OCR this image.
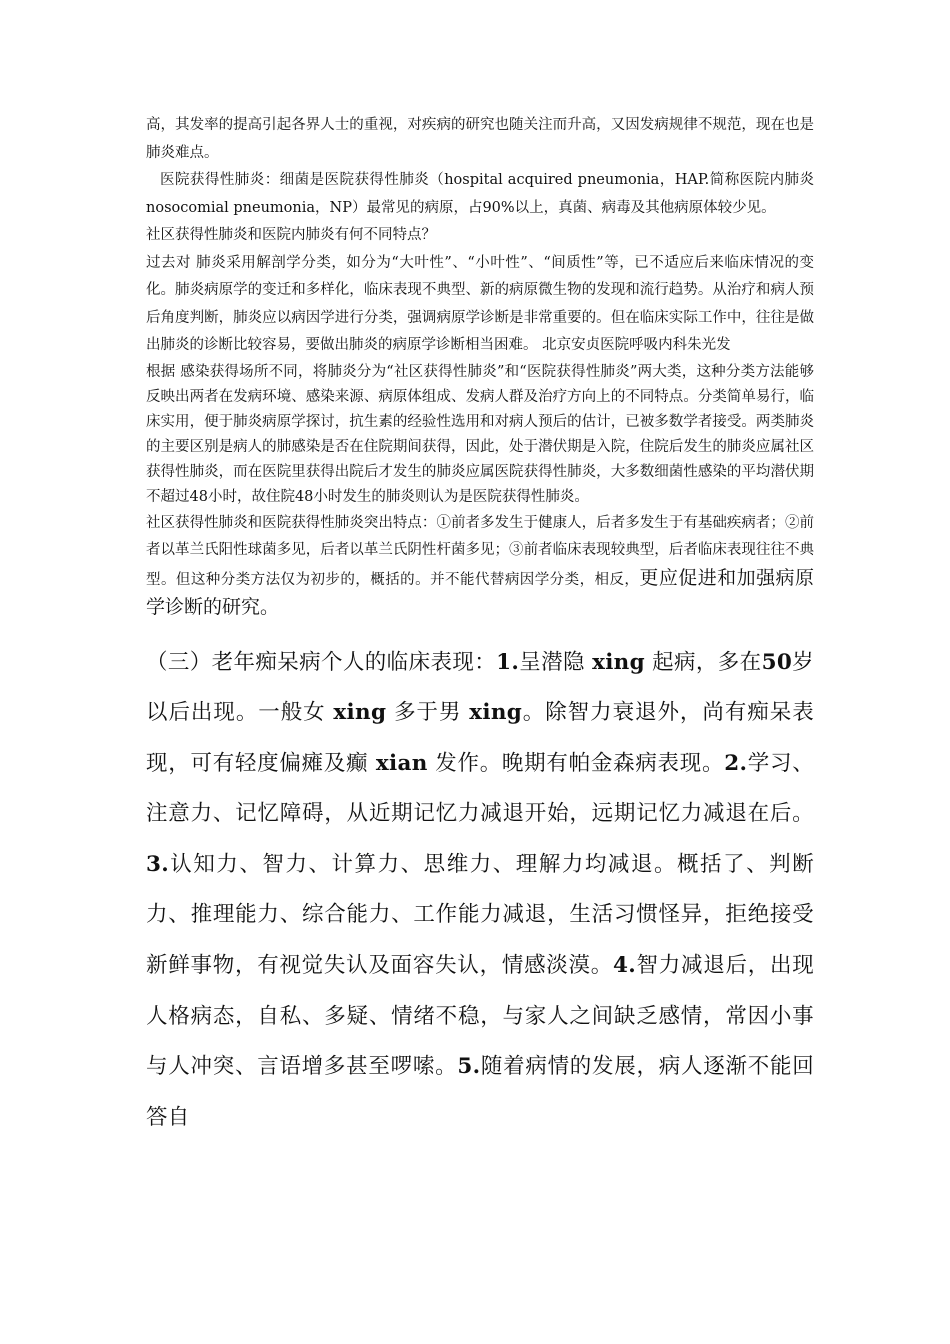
高，其发率的提高引起各界人士的重视，对疾病的研究也随关注而升高，又因发病规律不规范，现在也是肺炎难点。

医院获得性肺炎：细菌是医院获得性肺炎（hospital acquired pneumonia，HAP.简称医院内肺炎 nosocomial pneumonia，NP）最常见的病原，占90%以上，真菌、病毒及其他病原体较少见。

社区获得性肺炎和医院内肺炎有何不同特点？

过去对 肺炎采用解剖学分类，如分为“大叶性”、“小叶性”、“间质性”等，已不适应后来临床情况的变化。肺炎病原学的变迁和多样化，临床表现不典型、新的病原微生物的发现和流行趋势。从治疗和病人预后角度判断，肺炎应以病因学进行分类，强调病原学诊断是非常重要的。但在临床实际工作中，往往是做出肺炎的诊断比较容易，要做出肺炎的病原学诊断相当困难。 北京安贞医院呼吸内科朱光发

根据 感染获得场所不同，将肺炎分为“社区获得性肺炎”和“医院获得性肺炎”两大类，这种分类方法能够反映出两者在发病环境、感染来源、病原体组成、发病人群及治疗方向上的不同特点。分类简单易行，临床实用，便于肺炎病原学探讨，抗生素的经验性选用和对病人预后的估计，已被多数学者接受。两类肺炎的主要区别是病人的肺感染是否在住院期间获得，因此，处于潜伏期是入院，住院后发生的肺炎应属社区获得性肺炎，而在医院里获得出院后才发生的肺炎应属医院获得性肺炎，大多数细菌性感染的平均潜伏期不超过48小时，故住院48小时发生的肺炎则认为是医院获得性肺炎。

社区获得性肺炎和医院获得性肺炎突出特点：①前者多发生于健康人，后者多发生于有基础疾病者；②前者以革兰氏阳性球菌多见，后者以革兰氏阴性杆菌多见；③前者临床表现较典型，后者临床表现往往不典型。但这种分类方法仅为初步的，概括的。并不能代替病因学分类，相反，更应促进和加强病原学诊断的研究。

（三）老年痴呆病个人的临床表现：1.呈潜隐 xing 起病，多在50岁以后出现。一般女 xing 多于男 xing。除智力衰退外，尚有痴呆表现，可有轻度偏瘫及癫 xian 发作。晚期有帕金森病表现。2.学习、注意力、记忆障碍，从近期记忆力减退开始，远期记忆力减退在后。3.认知力、智力、计算力、思维力、理解力均减退。概括了、判断力、推理能力、综合能力、工作能力减退，生活习惯怪异，拒绝接受新鲜事物，有视觉失认及面容失认，情感淡漠。4.智力减退后，出现人格病态，自私、多疑、情绪不稳，与家人之间缺乏感情，常因小事与人冲突、言语增多甚至啰嗦。5.随着病情的发展，病人逐渐不能回答自
